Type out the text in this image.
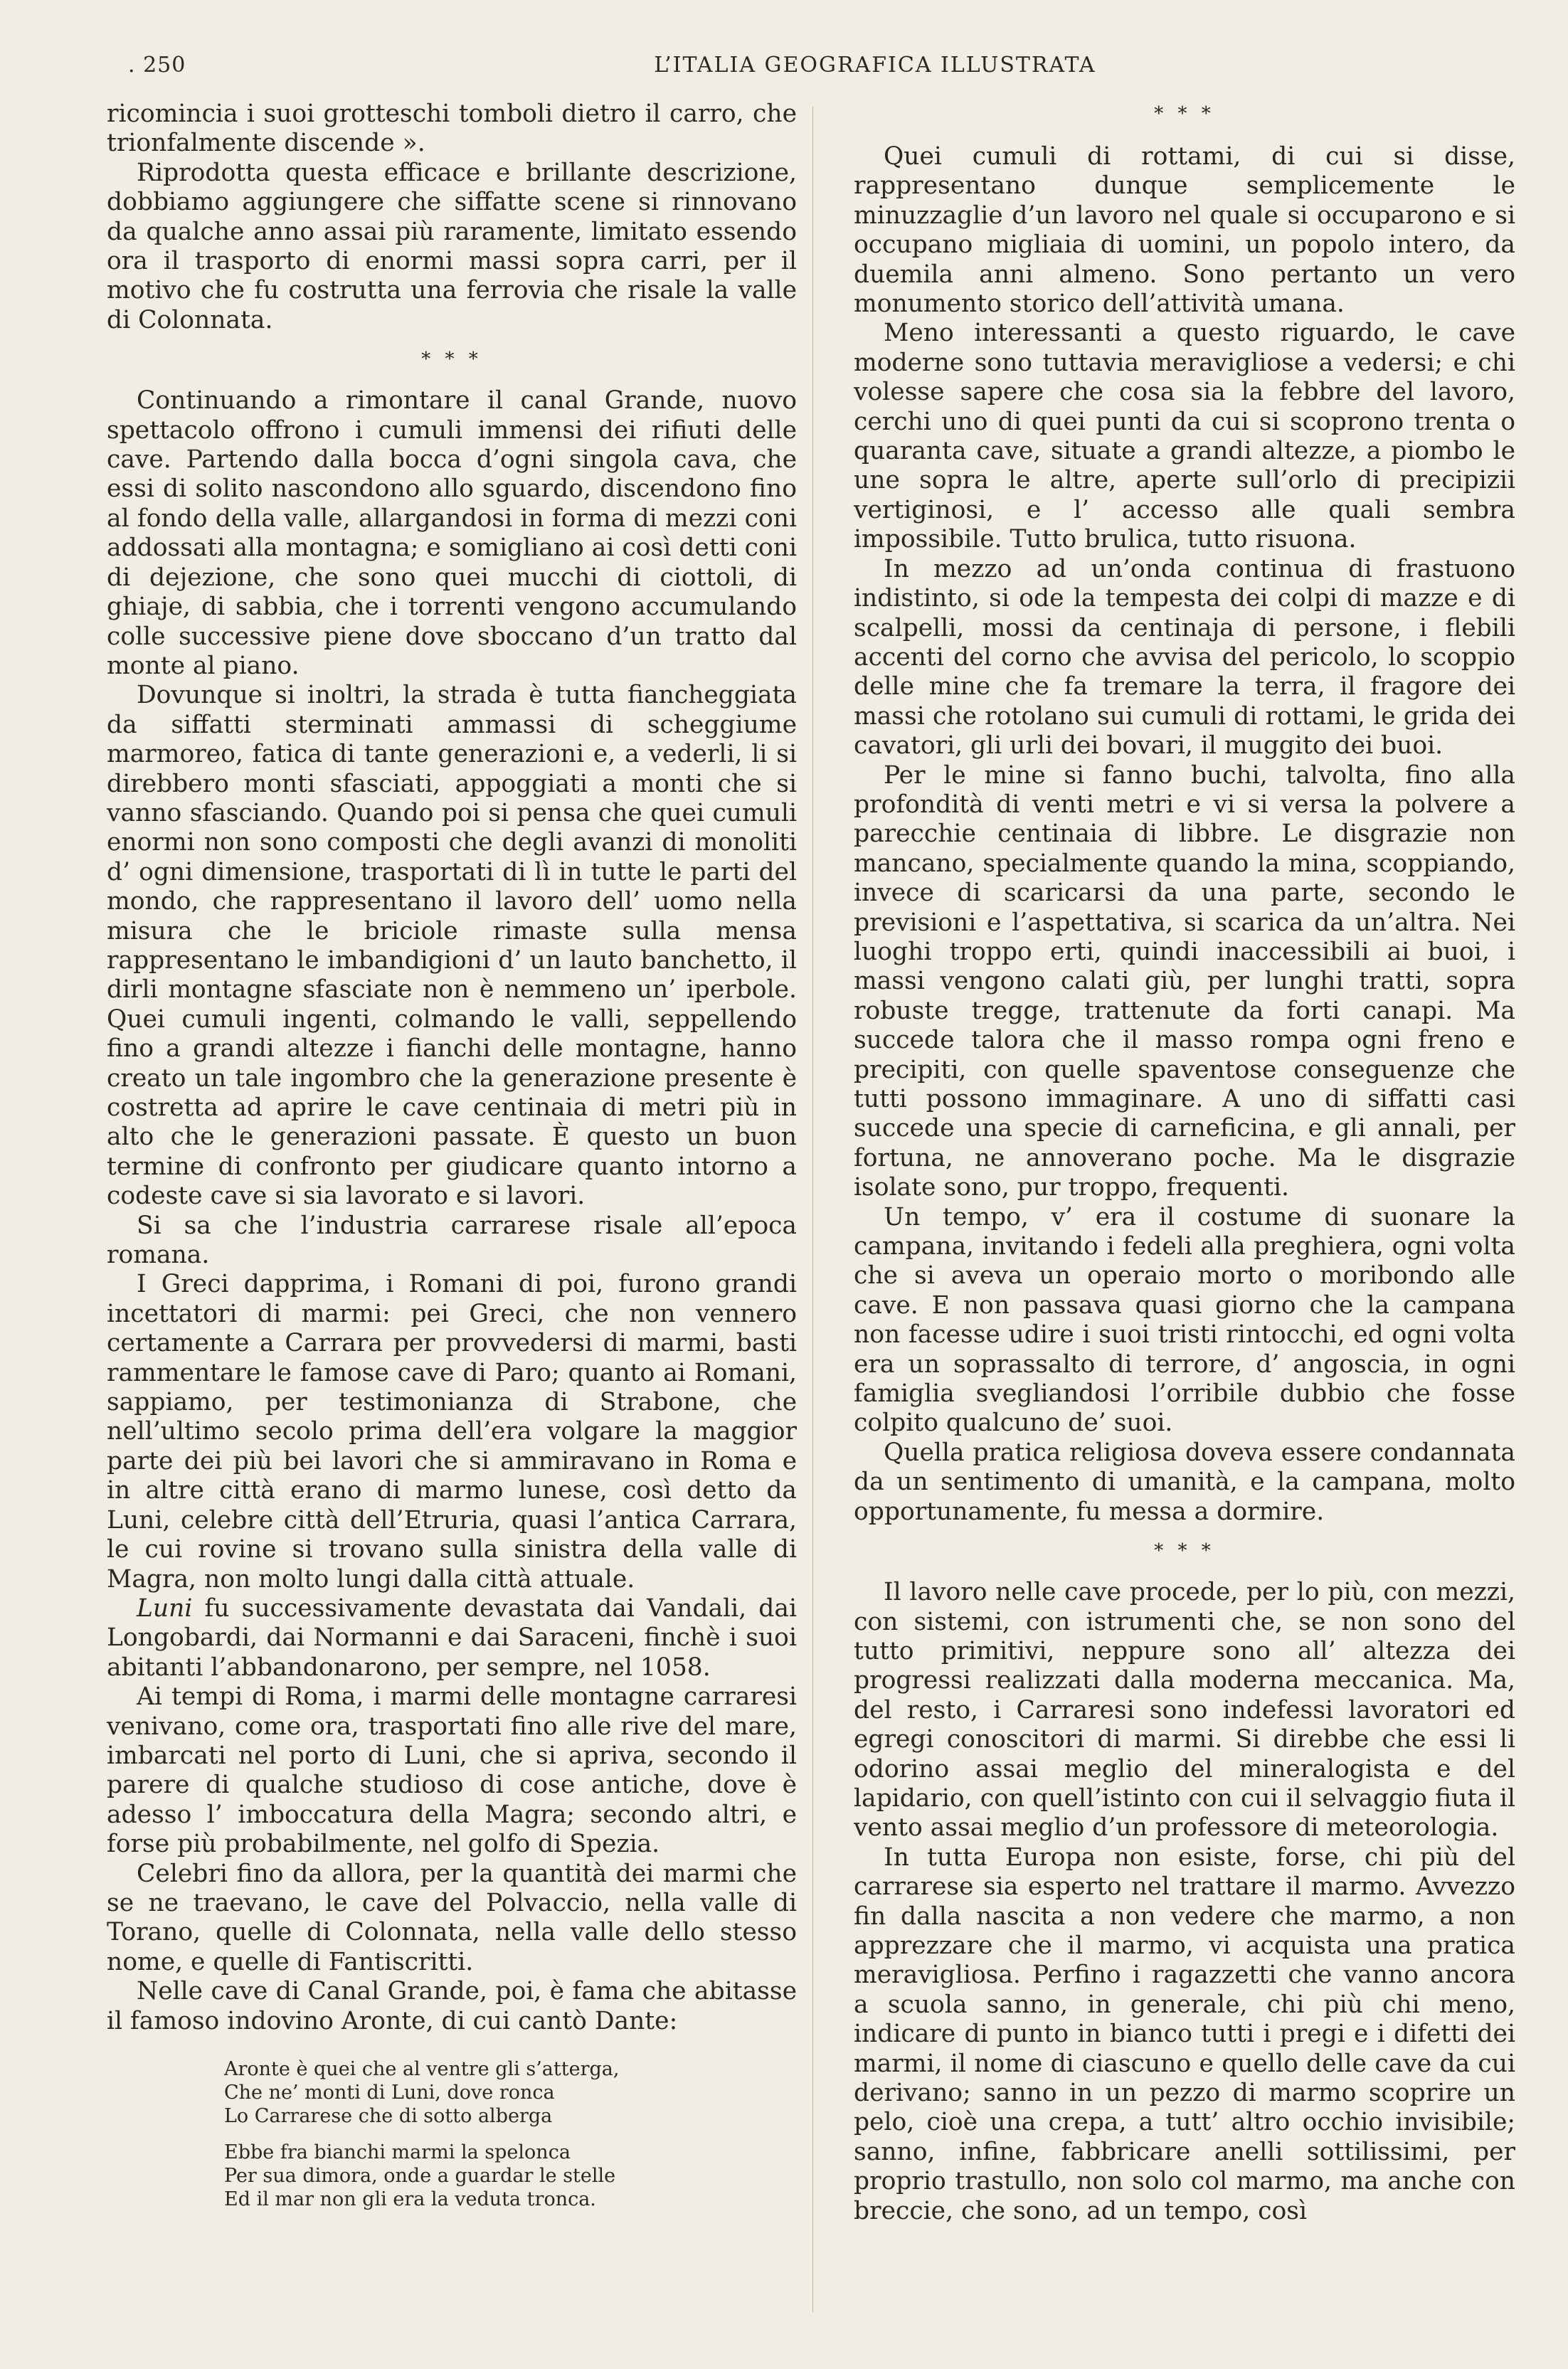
. 250	L’ITALIA GEOGRAFICA ILLUSTRATA

ricomincia i suoi grotteschi tomboli dietro il carro, che trionfalmente discende ».

Riprodotta questa efficace e brillante descrizione, dobbiamo aggiungere che siffatte scene si rinnovano da qualche anno assai più raramente, limitato essendo ora il trasporto di enormi massi sopra carri, per il motivo che fu costrutta una ferrovia che risale la valle di Colonnata.

* * *

Continuando a rimontare il canal Grande, nuovo spettacolo offrono i cumuli immensi dei rifiuti delle cave. Partendo dalla bocca d’ogni singola cava, che essi di solito nascondono allo sguardo, discendono fino al fondo della valle, allargandosi in forma di mezzi coni addossati alla montagna; e somigliano ai così detti coni di dejezione, che sono quei mucchi di ciottoli, di ghiaje, di sabbia, che i torrenti vengono accumulando colle successive piene dove sboccano d’un tratto dal monte al piano.

Dovunque si inoltri, la strada è tutta fiancheggiata da siffatti sterminati ammassi di scheggiume marmoreo, fatica di tante generazioni e, a vederli, li si direbbero monti sfasciati, appoggiati a monti che si vanno sfasciando. Quando poi si pensa che quei cumuli enormi non sono composti che degli avanzi di monoliti d’ ogni dimensione, trasportati di lì in tutte le parti del mondo, che rappresentano il lavoro dell’ uomo nella misura che le briciole rimaste sulla mensa rappresentano le imbandigioni d’ un lauto banchetto, il dirli montagne sfasciate non è nemmeno un’ iperbole. Quei cumuli ingenti, colmando le valli, seppellendo fino a grandi altezze i fianchi delle montagne, hanno creato un tale ingombro che la generazione presente è costretta ad aprire le cave centinaia di metri più in alto che le generazioni passate. È questo un buon termine di confronto per giudicare quanto intorno a codeste cave si sia lavorato e si lavori.

Si sa che l’industria carrarese risale all’epoca romana.

I Greci dapprima, i Romani di poi, furono grandi incettatori di marmi: pei Greci, che non vennero certamente a Carrara per provvedersi di marmi, basti rammentare le famose cave di Paro; quanto ai Romani, sappiamo, per testimonianza di Strabone, che nell’ultimo secolo prima dell’era volgare la maggior parte dei più bei lavori che si ammiravano in Roma e in altre città erano di marmo lunese, così detto da Luni, celebre città dell’Etruria, quasi l’antica Carrara, le cui rovine si trovano sulla sinistra della valle di Magra, non molto lungi dalla città attuale.

Luni fu successivamente devastata dai Vandali, dai Longobardi, dai Normanni e dai Saraceni, finchè i suoi abitanti l’abbandonarono, per sempre, nel 1058.

Ai tempi di Roma, i marmi delle montagne carraresi venivano, come ora, trasportati fino alle rive del mare, imbarcati nel porto di Luni, che si apriva, secondo il parere di qualche studioso di cose antiche, dove è adesso l’ imboccatura della Magra; secondo altri, e forse più probabilmente, nel golfo di Spezia.

Celebri fino da allora, per la quantità dei marmi che se ne traevano, le cave del Polvaccio, nella valle di Torano, quelle di Colonnata, nella valle dello stesso nome, e quelle di Fantiscritti.

Nelle cave di Canal Grande, poi, è fama che abitasse il famoso indovino Aronte, di cui cantò Dante:

Aronte è quei che al ventre gli s’atterga,
Che ne’ monti di Luni, dove ronca
Lo Carrarese che di sotto alberga
Ebbe fra bianchi marmi la spelonca
Per sua dimora, onde a guardar le stelle
Ed il mar non gli era la veduta tronca.
* * *

Quei cumuli di rottami, di cui si disse, rappresentano dunque semplicemente le minuzzaglie d’un lavoro nel quale si occuparono e si occupano migliaia di uomini, un popolo intero, da duemila anni almeno. Sono pertanto un vero monumento storico dell’attività umana.

Meno interessanti a questo riguardo, le cave moderne sono tuttavia meravigliose a vedersi; e chi volesse sapere che cosa sia la febbre del lavoro, cerchi uno di quei punti da cui si scoprono trenta o quaranta cave, situate a grandi altezze, a piombo le une sopra le altre, aperte sull’orlo di precipizii vertiginosi, e l’ accesso alle quali sembra impossibile. Tutto brulica, tutto risuona.

In mezzo ad un’onda continua di frastuono indistinto, si ode la tempesta dei colpi di mazze e di scalpelli, mossi da centinaja di persone, i flebili accenti del corno che avvisa del pericolo, lo scoppio delle mine che fa tremare la terra, il fragore dei massi che rotolano sui cumuli di rottami, le grida dei cavatori, gli urli dei bovari, il muggito dei buoi.

Per le mine si fanno buchi, talvolta, fino alla profondità di venti metri e vi si versa la polvere a parecchie centinaia di libbre. Le disgrazie non mancano, specialmente quando la mina, scoppiando, invece di scaricarsi da una parte, secondo le previsioni e l’aspettativa, si scarica da un’altra. Nei luoghi troppo erti, quindi inaccessibili ai buoi, i massi vengono calati giù, per lunghi tratti, sopra robuste tregge, trattenute da forti canapi. Ma succede talora che il masso rompa ogni freno e precipiti, con quelle spaventose conseguenze che tutti possono immaginare. A uno di siffatti casi succede una specie di carneficina, e gli annali, per fortuna, ne annoverano poche. Ma le disgrazie isolate sono, pur troppo, frequenti.

Un tempo, v’ era il costume di suonare la campana, invitando i fedeli alla preghiera, ogni volta che si aveva un operaio morto o moribondo alle cave. E non passava quasi giorno che la campana non facesse udire i suoi tristi rintocchi, ed ogni volta era un soprassalto di terrore, d’ angoscia, in ogni famiglia svegliandosi l’orribile dubbio che fosse colpito qualcuno de’ suoi.

Quella pratica religiosa doveva essere condannata da un sentimento di umanità, e la campana, molto opportunamente, fu messa a dormire.

* * *

Il lavoro nelle cave procede, per lo più, con mezzi, con sistemi, con istrumenti che, se non sono del tutto primitivi, neppure sono all’ altezza dei progressi realizzati dalla moderna meccanica. Ma, del resto, i Carraresi sono indefessi lavoratori ed egregi conoscitori di marmi. Si direbbe che essi li odorino assai meglio del mineralogista e del lapidario, con quell’istinto con cui il selvaggio fiuta il vento assai meglio d’un professore di meteorologia.

In tutta Europa non esiste, forse, chi più del carrarese sia esperto nel trattare il marmo. Avvezzo fin dalla nascita a non vedere che marmo, a non apprezzare che il marmo, vi acquista una pratica meravigliosa. Perfino i ragazzetti che vanno ancora a scuola sanno, in generale, chi più chi meno, indicare di punto in bianco tutti i pregi e i difetti dei marmi, il nome di ciascuno e quello delle cave da cui derivano; sanno in un pezzo di marmo scoprire un pelo, cioè una crepa, a tutt’ altro occhio invisibile; sanno, infine, fabbricare anelli sottilissimi, per proprio trastullo, non solo col marmo, ma anche con breccie, che sono, ad un tempo, così
